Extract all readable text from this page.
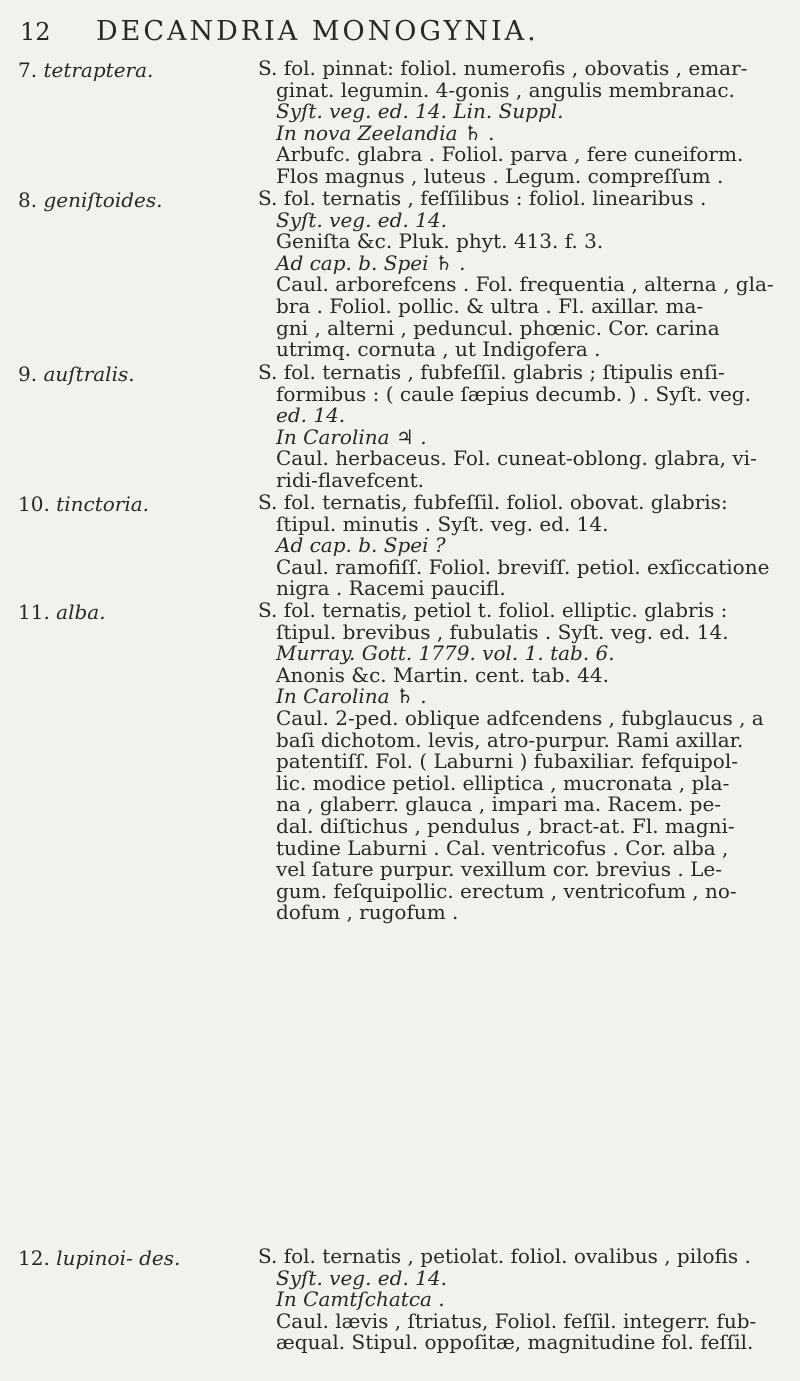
12 DECANDRIA MONOGYNIA.
7. tetraptera.	S. fol. pinnat: foliol. numerofis , obovatis , emar-
ginat. legumin. 4-gonis , angulis membranac.
Syſt. veg. ed. 14. Lin. Suppl.
In nova Zeelandia ♄ .
Arbufc. glabra . Foliol. parva , fere cuneiform.
Flos magnus , luteus . Legum. compreſſum .
8. geniſtoides.	S. fol. ternatis , feſſilibus : foliol. linearibus .
Syſt. veg. ed. 14.
Geniſta &c. Pluk. phyt. 413. f. 3.
Ad cap. b. Spei ♄ .
Caul. arborefcens . Fol. frequentia , alterna , gla-
bra . Foliol. pollic. & ultra . Fl. axillar. ma-
gni , alterni , peduncul. phœnic. Cor. carina
utrimq. cornuta , ut Indigofera .
9. auſtralis.	S. fol. ternatis , fubfeſſil. glabris ; ſtipulis enſi-
formibus : ( caule ſæpius decumb. ) . Syſt. veg.
ed. 14.
In Carolina ♃ .
Caul. herbaceus. Fol. cuneat-oblong. glabra, vi-
ridi-flavefcent.
10. tinctoria.	S. fol. ternatis, fubfeſſil. foliol. obovat. glabris:
ſtipul. minutis . Syſt. veg. ed. 14.
Ad cap. b. Spei ?
Caul. ramofiſſ. Foliol. breviſſ. petiol. exſiccatione
nigra . Racemi paucifl.
11. alba.	S. fol. ternatis, petiol t. foliol. elliptic. glabris :
ſtipul. brevibus , fubulatis . Syſt. veg. ed. 14.
Murray. Gott. 1779. vol. 1. tab. 6.
Anonis &c. Martin. cent. tab. 44.
In Carolina ♄ .
Caul. 2-ped. oblique adfcendens , fubglaucus , a
baſi dichotom. levis, atro-purpur. Rami axillar.
patentiſſ. Fol. ( Laburni ) fubaxiliar. fefquipol-
lic. modice petiol. elliptica , mucronata , pla-
na , glaberr. glauca , impari ma. Racem. pe-
dal. diſtichus , pendulus , bract-at. Fl. magni-
tudine Laburni . Cal. ventricofus . Cor. alba ,
vel ſature purpur. vexillum cor. brevius . Le-
gum. feſquipollic. erectum , ventricofum , no-
dofum , rugofum .
12. lupinoi- des.	S. fol. ternatis , petiolat. foliol. ovalibus , pilofis .
Syſt. veg. ed. 14.
In Camtſchatca .
Caul. lævis , ſtriatus, Foliol. feſſil. integerr. fub-
æqual. Stipul. oppoſitæ, magnitudine fol. feſſil.
